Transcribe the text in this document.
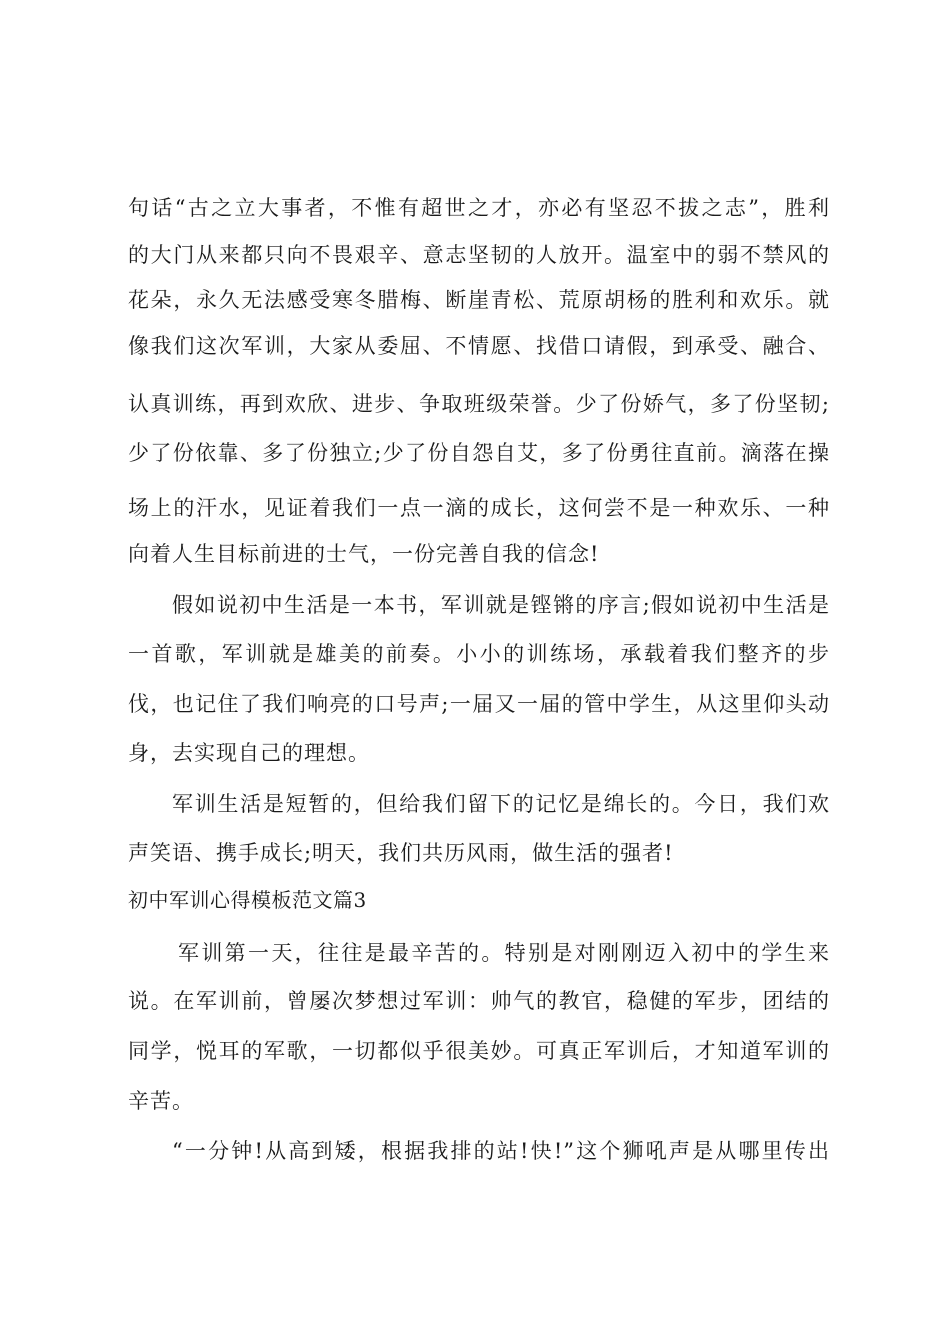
句话“古之立大事者，不惟有超世之才，亦必有坚忍不拔之志”，胜利
的大门从来都只向不畏艰辛、意志坚韧的人放开。温室中的弱不禁风的
花朵，永久无法感受寒冬腊梅、断崖青松、荒原胡杨的胜利和欢乐。就
像我们这次军训，大家从委屈、不情愿、找借口请假，到承受、融合、
认真训练，再到欢欣、进步、争取班级荣誉。少了份娇气，多了份坚韧;
少了份依靠、多了份独立;少了份自怨自艾，多了份勇往直前。滴落在操
场上的汗水，见证着我们一点一滴的成长，这何尝不是一种欢乐、一种
向着人生目标前进的士气，一份完善自我的信念!
假如说初中生活是一本书，军训就是铿锵的序言;假如说初中生活是
一首歌，军训就是雄美的前奏。小小的训练场，承载着我们整齐的步
伐，也记住了我们响亮的口号声;一届又一届的管中学生，从这里仰头动
身，去实现自己的理想。
军训生活是短暂的，但给我们留下的记忆是绵长的。今日，我们欢
声笑语、携手成长;明天，我们共历风雨，做生活的强者!
初中军训心得模板范文篇3
军训第一天，往往是最辛苦的。特别是对刚刚迈入初中的学生来
说。在军训前，曾屡次梦想过军训：帅气的教官，稳健的军步，团结的
同学，悦耳的军歌，一切都似乎很美妙。可真正军训后，才知道军训的
辛苦。
“一分钟!从高到矮，根据我排的站!快!”这个狮吼声是从哪里传出
